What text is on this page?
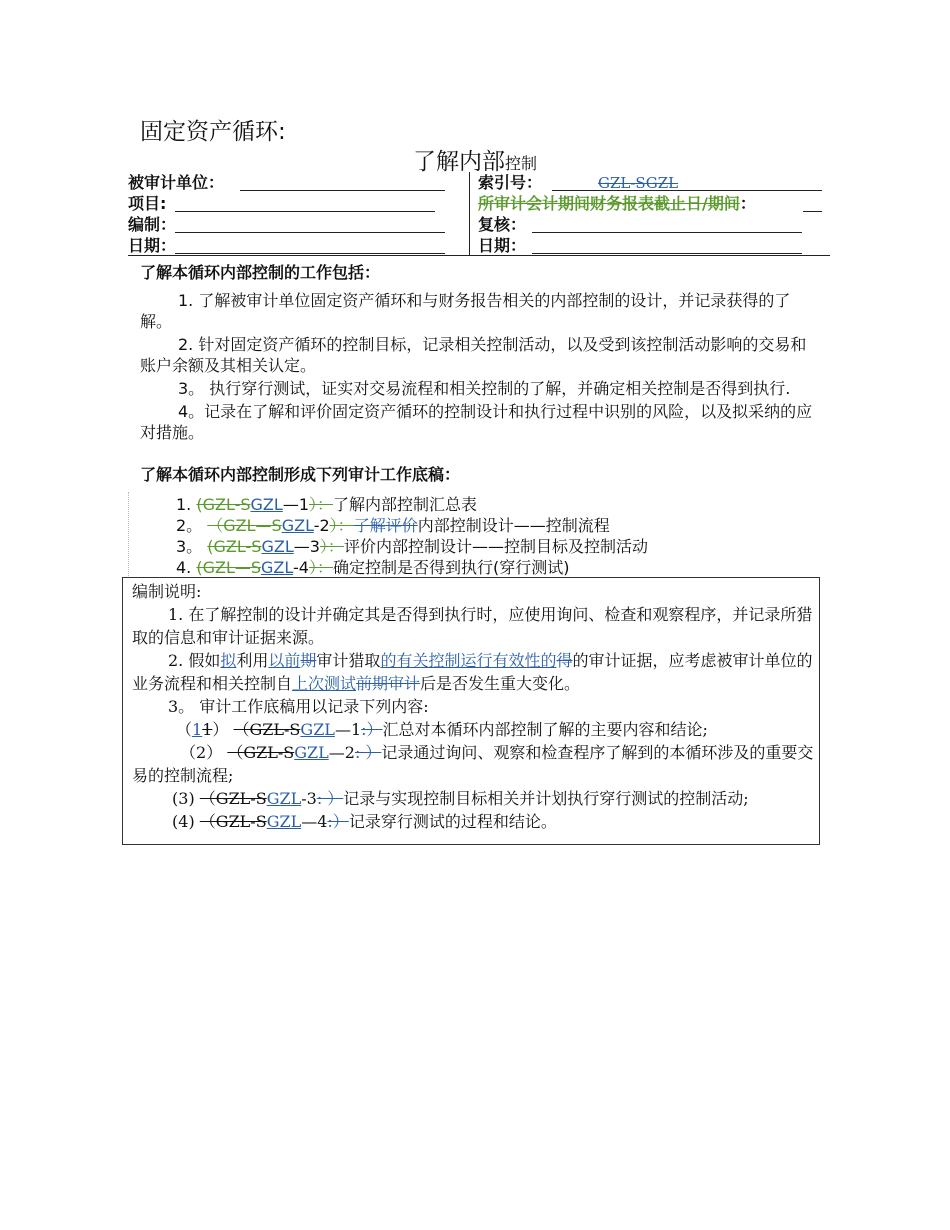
固定资产循环:
了解内部控制
被审计单位：
项目:
编制：
日期：
索引号：	GZL-SGZL
所审计会计期间财务报表截止日/期间：
复核：
日期：
了解本循环内部控制的工作包括：

1. 了解被审计单位固定资产循环和与财务报告相关的内部控制的设计，并记录获得的了解。

2. 针对固定资产循环的控制目标，记录相关控制活动，以及受到该控制活动影响的交易和账户余额及其相关认定。

3。 执行穿行测试，证实对交易流程和相关控制的了解，并确定相关控制是否得到执行.

4。记录在了解和评价固定资产循环的控制设计和执行过程中识别的风险，以及拟采纳的应对措施。

了解本循环内部控制形成下列审计工作底稿：
1. (GZL-SGZL—1）：了解内部控制汇总表
2。 （GZL—SGZL-2）：了解评价内部控制设计——控制流程
3。 (GZL-SGZL—3）：评价内部控制设计——控制目标及控制活动
4. (GZL—SGZL-4）：确定控制是否得到执行(穿行测试)

编制说明:

1. 在了解控制的设计并确定其是否得到执行时，应使用询问、检查和观察程序，并记录所猎取的信息和审计证据来源。

2. 假如拟利用以前期审计猎取的有关控制运行有效性的得的审计证据，应考虑被审计单位的业务流程和相关控制自上次测试前期审计后是否发生重大变化。

3。 审计工作底稿用以记录下列内容:

（11） （GZL-SGZL—1:）汇总对本循环内部控制了解的主要内容和结论;

（2） （GZL-SGZL—2: ）记录通过询问、观察和检查程序了解到的本循环涉及的重要交易的控制流程;

(3) （GZL-SGZL-3: ）记录与实现控制目标相关并计划执行穿行测试的控制活动;

(4) （GZL-SGZL—4:）记录穿行测试的过程和结论。
